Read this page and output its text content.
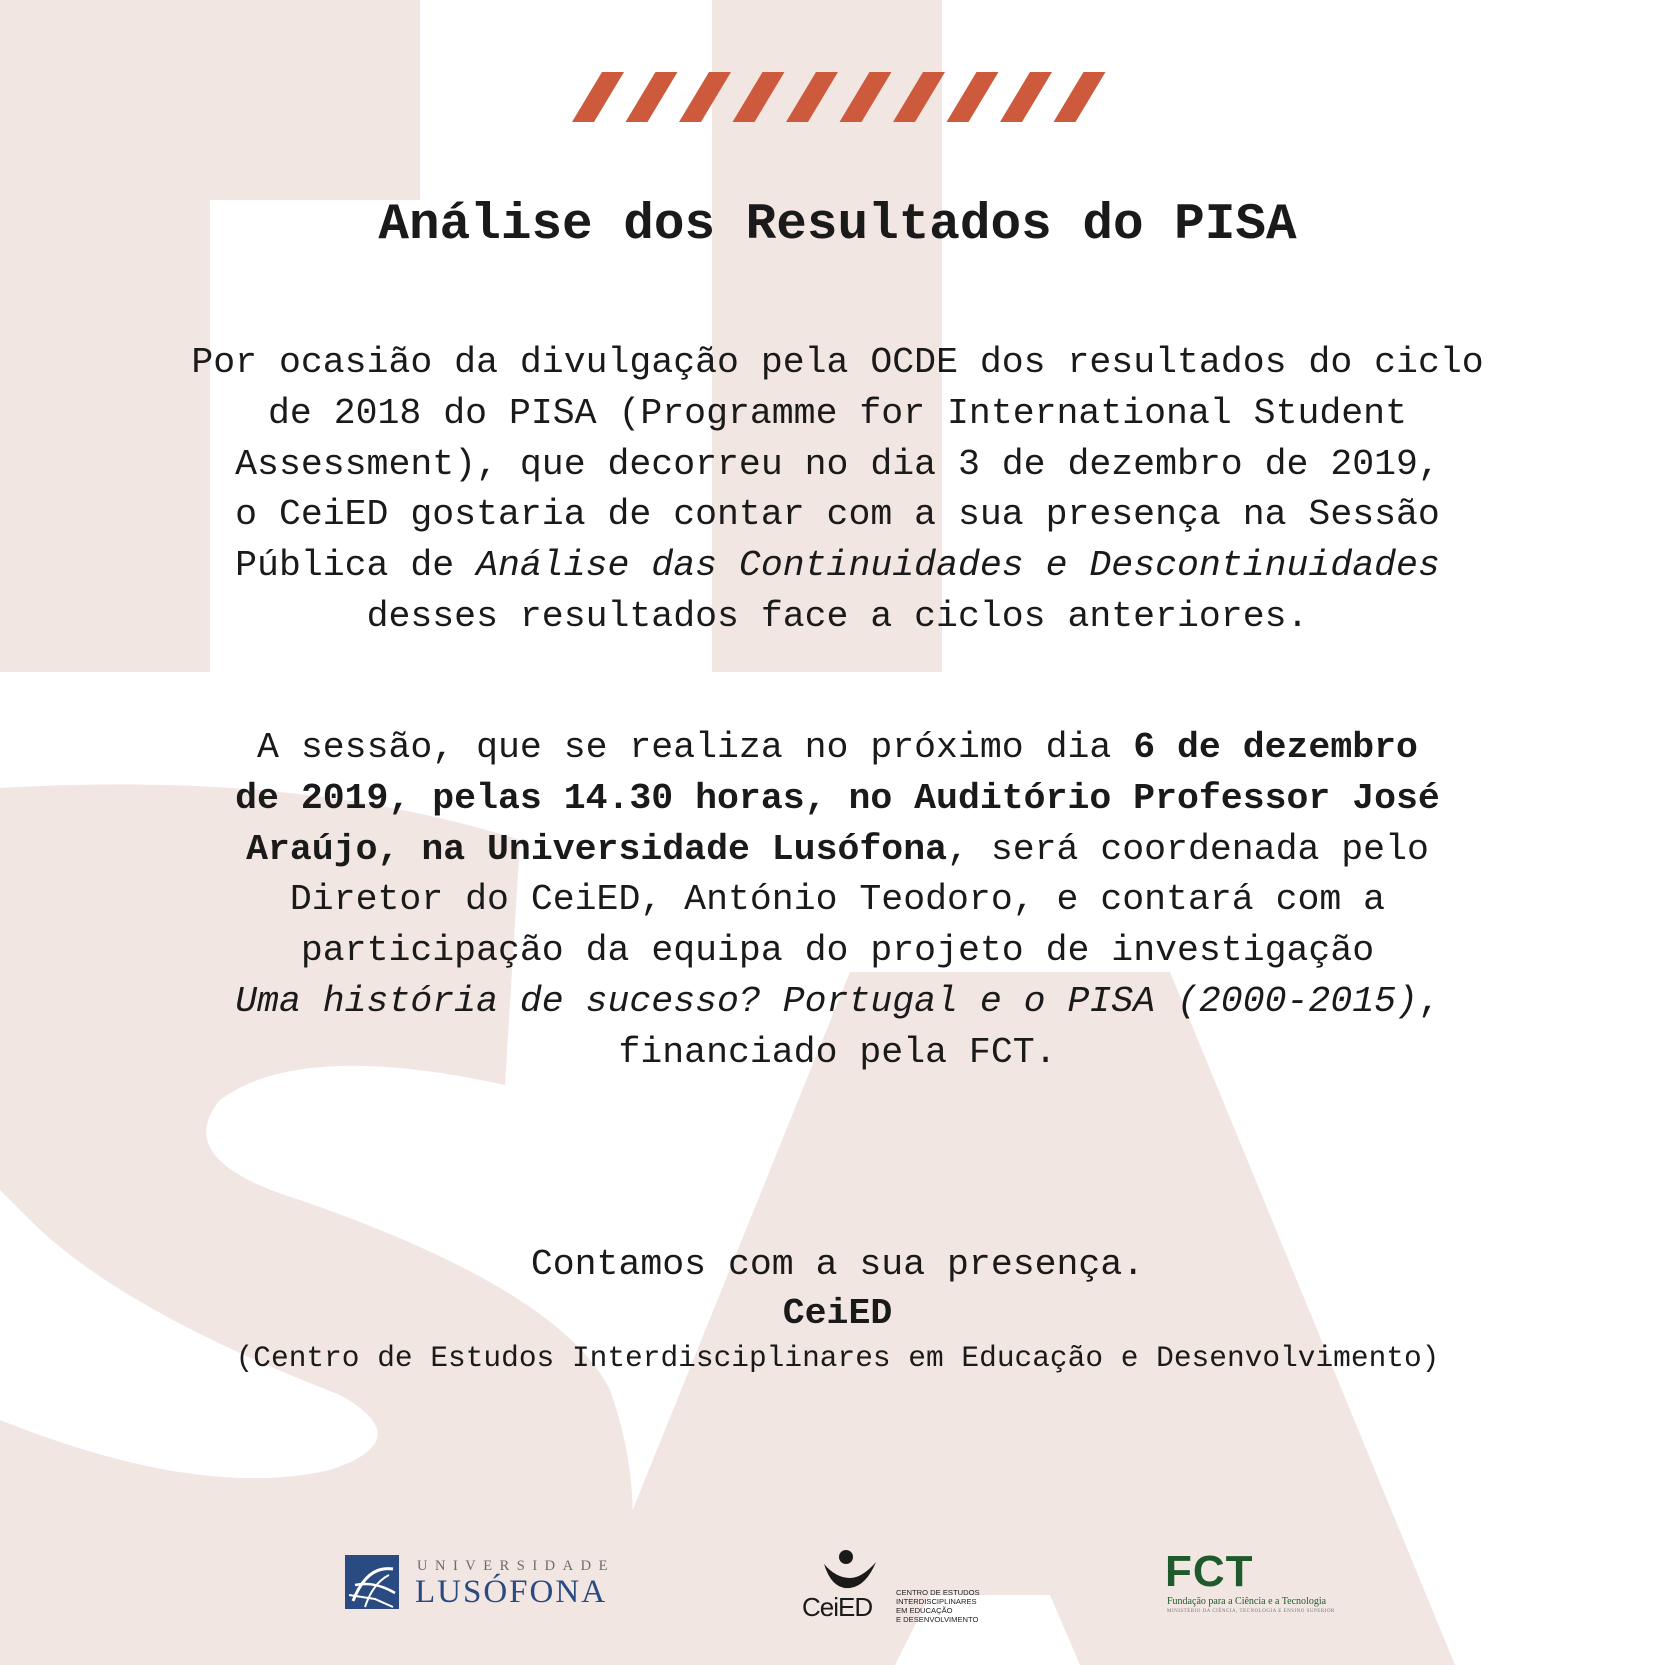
Análise dos Resultados do PISA

Por ocasião da divulgação pela OCDE dos resultados do ciclo
de 2018 do PISA (Programme for International Student
Assessment), que decorreu no dia 3 de dezembro de 2019,
o CeiED gostaria de contar com a sua presença na Sessão
Pública de Análise das Continuidades e Descontinuidades
desses resultados face a ciclos anteriores.

A sessão, que se realiza no próximo dia 6 de dezembro
de 2019, pelas 14.30 horas, no Auditório Professor José
Araújo, na Universidade Lusófona, será coordenada pelo
Diretor do CeiED, António Teodoro, e contará com a
participação da equipa do projeto de investigação
Uma história de sucesso? Portugal e o PISA (2000-2015),
financiado pela FCT.

Contamos com a sua presença.

CeiED

(Centro de Estudos Interdisciplinares em Educação e Desenvolvimento)

UNIVERSIDADE
LUSÓFONA	CeiED	CENTRO DE ESTUDOS
INTERDISCIPLINARES
EM EDUCAÇÃO
E DESENVOLVIMENTO
FCT
Fundação para a Ciência e a Tecnologia
MINISTÉRIO DA CIÊNCIA, TECNOLOGIA E ENSINO SUPERIOR
